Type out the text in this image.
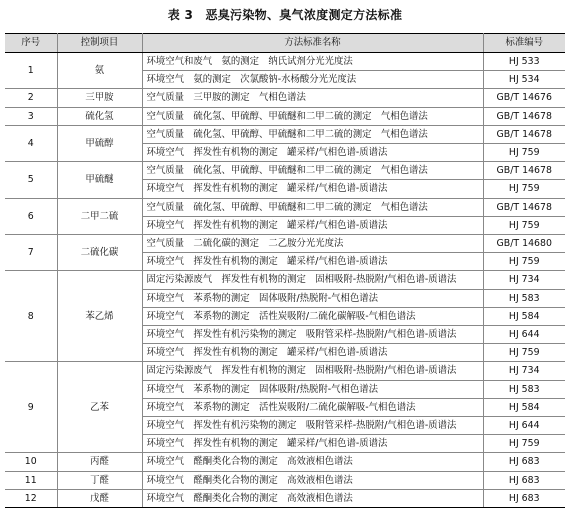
表 3　恶臭污染物、臭气浓度测定方法标准
序号	控制项目	方法标准名称	标准编号
1	氨	环境空气和废气　氨的测定　纳氏试剂分光光度法	HJ 533
		环境空气　氨的测定　次氯酸钠-水杨酸分光光度法	HJ 534
2	三甲胺	空气质量　三甲胺的测定　气相色谱法	GB/T 14676
3	硫化氢	空气质量　硫化氢、甲硫醇、甲硫醚和二甲二硫的测定　气相色谱法	GB/T 14678
4	甲硫醇	空气质量　硫化氢、甲硫醇、甲硫醚和二甲二硫的测定　气相色谱法	GB/T 14678
		环境空气　挥发性有机物的测定　罐采样/气相色谱-质谱法	HJ 759
5	甲硫醚	空气质量　硫化氢、甲硫醇、甲硫醚和二甲二硫的测定　气相色谱法	GB/T 14678
		环境空气　挥发性有机物的测定　罐采样/气相色谱-质谱法	HJ 759
6	二甲二硫	空气质量　硫化氢、甲硫醇、甲硫醚和二甲二硫的测定　气相色谱法	GB/T 14678
		环境空气　挥发性有机物的测定　罐采样/气相色谱-质谱法	HJ 759
7	二硫化碳	空气质量　二硫化碳的测定　二乙胺分光光度法	GB/T 14680
		环境空气　挥发性有机物的测定　罐采样/气相色谱-质谱法	HJ 759
8	苯乙烯	固定污染源废气　挥发性有机物的测定　固相吸附-热脱附/气相色谱-质谱法	HJ 734
		环境空气　苯系物的测定　固体吸附/热脱附-气相色谱法	HJ 583
		环境空气　苯系物的测定　活性炭吸附/二硫化碳解吸-气相色谱法	HJ 584
		环境空气　挥发性有机污染物的测定　吸附管采样-热脱附/气相色谱-质谱法	HJ 644
		环境空气　挥发性有机物的测定　罐采样/气相色谱-质谱法	HJ 759
9	乙苯	固定污染源废气　挥发性有机物的测定　固相吸附-热脱附/气相色谱-质谱法	HJ 734
		环境空气　苯系物的测定　固体吸附/热脱附-气相色谱法	HJ 583
		环境空气　苯系物的测定　活性炭吸附/二硫化碳解吸-气相色谱法	HJ 584
		环境空气　挥发性有机污染物的测定　吸附管采样-热脱附/气相色谱-质谱法	HJ 644
		环境空气　挥发性有机物的测定　罐采样/气相色谱-质谱法	HJ 759
10	丙醛	环境空气　醛酮类化合物的测定　高效液相色谱法	HJ 683
11	丁醛	环境空气　醛酮类化合物的测定　高效液相色谱法	HJ 683
12	戊醛	环境空气　醛酮类化合物的测定　高效液相色谱法	HJ 683
